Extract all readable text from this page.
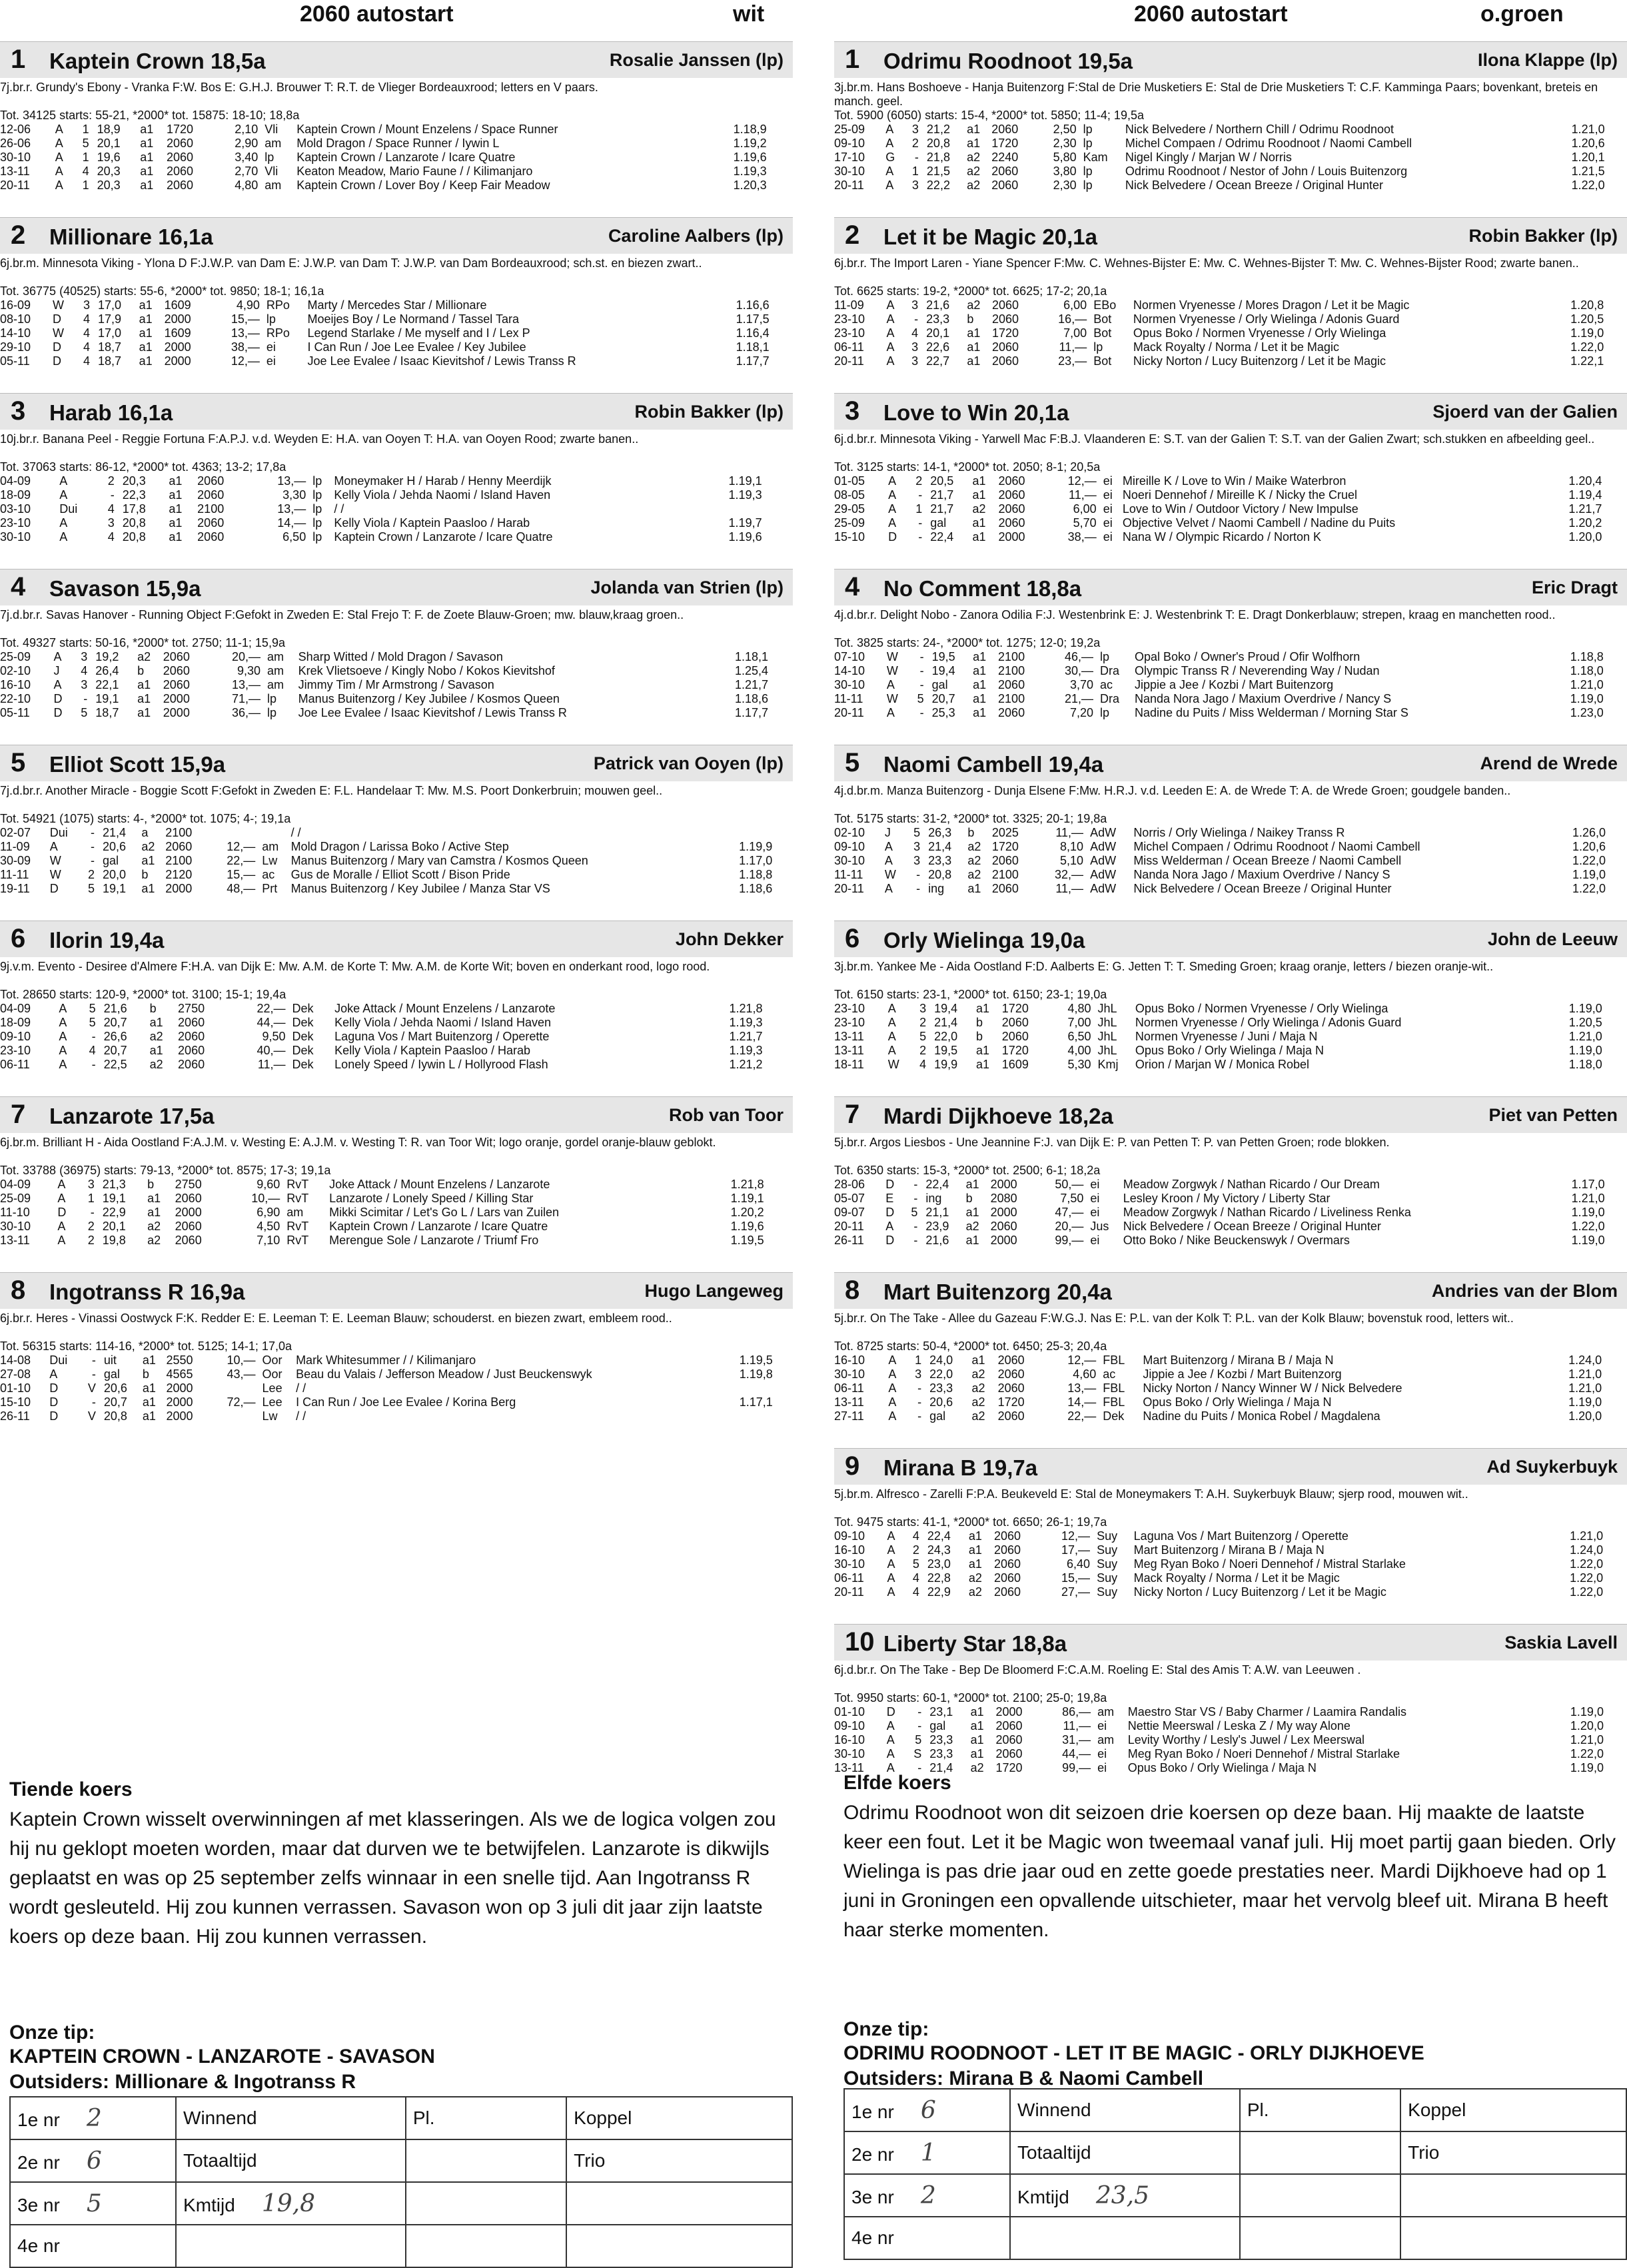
2060 autostart	wit
1 Kaptein Crown 18,5a	Rosalie Janssen (lp)
7j.br.r. Grundy's Ebony - Vranka F:W. Bos E: G.H.J. Brouwer T: R.T. de Vlieger Bordeauxrood; letters en V paars.
Tot. 34125 starts: 55-21, *2000* tot. 15875: 18-10; 18,8a
12-06	A	1	18,9	a1	1720	2,10	Vli	Kaptein Crown / Mount Enzelens / Space Runner	1.18,9
26-06	A	5	20,1	a1	2060	2,90	am	Mold Dragon / Space Runner / Iywin L	1.19,2
30-10	A	1	19,6	a1	2060	3,40	lp	Kaptein Crown / Lanzarote / Icare Quatre	1.19,6
13-11	A	4	20,3	a1	2060	2,70	Vli	Keaton Meadow, Mario Faune / / Kilimanjaro	1.19,3
20-11	A	1	20,3	a1	2060	4,80	am	Kaptein Crown / Lover Boy / Keep Fair Meadow	1.20,3
2 Millionare 16,1a	Caroline Aalbers (lp)
6j.br.m. Minnesota Viking - Ylona D F:J.W.P. van Dam E: J.W.P. van Dam T: J.W.P. van Dam Bordeauxrood; sch.st. en biezen zwart..
Tot. 36775 (40525) starts: 55-6, *2000* tot. 9850; 18-1; 16,1a
16-09	W	3	17,0	a1	1609	4,90	RPo	Marty / Mercedes Star / Millionare	1.16,6
08-10	D	4	17,9	a1	2000	15,—	lp	Moeijes Boy / Le Normand / Tassel Tara	1.17,5
14-10	W	4	17,0	a1	1609	13,—	RPo	Legend Starlake / Me myself and I / Lex P	1.16,4
29-10	D	4	18,7	a1	2000	38,—	ei	I Can Run / Joe Lee Evalee / Key Jubilee	1.18,1
05-11	D	4	18,7	a1	2000	12,—	ei	Joe Lee Evalee / Isaac Kievitshof / Lewis Transs R	1.17,7
3 Harab 16,1a	Robin Bakker (lp)
10j.br.r. Banana Peel - Reggie Fortuna F:A.P.J. v.d. Weyden E: H.A. van Ooyen T: H.A. van Ooyen Rood; zwarte banen..
Tot. 37063 starts: 86-12, *2000* tot. 4363; 13-2; 17,8a
04-09	A	2	20,3	a1	2060	13,—	lp	Moneymaker H / Harab / Henny Meerdijk	1.19,1
18-09	A	-	22,3	a1	2060	3,30	lp	Kelly Viola / Jehda Naomi / Island Haven	1.19,3
03-10	Dui	4	17,8	a1	2100	13,—	lp	/ /	
23-10	A	3	20,8	a1	2060	14,—	lp	Kelly Viola / Kaptein Paasloo / Harab	1.19,7
30-10	A	4	20,8	a1	2060	6,50	lp	Kaptein Crown / Lanzarote / Icare Quatre	1.19,6
4 Savason 15,9a	Jolanda van Strien (lp)
7j.d.br.r. Savas Hanover - Running Object F:Gefokt in Zweden E: Stal Frejo T: F. de Zoete Blauw-Groen; mw. blauw,kraag groen..
Tot. 49327 starts: 50-16, *2000* tot. 2750; 11-1; 15,9a
25-09	A	3	19,2	a2	2060	20,—	am	Sharp Witted / Mold Dragon / Savason	1.18,1
02-10	J	4	26,4	b	2060	9,30	am	Krek Vlietsoeve / Kingly Nobo / Kokos Kievitshof	1.25,4
16-10	A	3	22,1	a1	2060	13,—	am	Jimmy Tim / Mr Armstrong / Savason	1.21,7
22-10	D	-	19,1	a1	2000	71,—	lp	Manus Buitenzorg / Key Jubilee / Kosmos Queen	1.18,6
05-11	D	5	18,7	a1	2000	36,—	lp	Joe Lee Evalee / Isaac Kievitshof / Lewis Transs R	1.17,7
5 Elliot Scott 15,9a	Patrick van Ooyen (lp)
7j.d.br.r. Another Miracle - Boggie Scott F:Gefokt in Zweden E: F.L. Handelaar T: Mw. M.S. Poort Donkerbruin; mouwen geel..
Tot. 54921 (1075) starts: 4-, *2000* tot. 1075; 4-; 19,1a
02-07	Dui	-	21,4	a	2100			/ /	
11-09	A	-	20,6	a2	2060	12,—	am	Mold Dragon / Larissa Boko / Active Step	1.19,9
30-09	W	-	gal	a1	2100	22,—	Lw	Manus Buitenzorg / Mary van Camstra / Kosmos Queen	1.17,0
11-11	W	2	20,0	b	2120	15,—	ac	Gus de Moralle / Elliot Scott / Bison Pride	1.18,8
19-11	D	5	19,1	a1	2000	48,—	Prt	Manus Buitenzorg / Key Jubilee / Manza Star VS	1.18,6
6 Ilorin 19,4a	John Dekker
9j.v.m. Evento - Desiree d'Almere F:H.A. van Dijk E: Mw. A.M. de Korte T: Mw. A.M. de Korte Wit; boven en onderkant rood, logo rood.
Tot. 28650 starts: 120-9, *2000* tot. 3100; 15-1; 19,4a
04-09	A	5	21,6	b	2750	22,—	Dek	Joke Attack / Mount Enzelens / Lanzarote	1.21,8
18-09	A	5	20,7	a1	2060	44,—	Dek	Kelly Viola / Jehda Naomi / Island Haven	1.19,3
09-10	A	-	26,6	a2	2060	9,50	Dek	Laguna Vos / Mart Buitenzorg / Operette	1.21,7
23-10	A	4	20,7	a1	2060	40,—	Dek	Kelly Viola / Kaptein Paasloo / Harab	1.19,3
06-11	A	-	22,5	a2	2060	11,—	Dek	Lonely Speed / Iywin L / Hollyrood Flash	1.21,2
7 Lanzarote 17,5a	Rob van Toor
6j.br.m. Brilliant H - Aida Oostland F:A.J.M. v. Westing E: A.J.M. v. Westing T: R. van Toor Wit; logo oranje, gordel oranje-blauw geblokt.
Tot. 33788 (36975) starts: 79-13, *2000* tot. 8575; 17-3; 19,1a
04-09	A	3	21,3	b	2750	9,60	RvT	Joke Attack / Mount Enzelens / Lanzarote	1.21,8
25-09	A	1	19,1	a1	2060	10,—	RvT	Lanzarote / Lonely Speed / Killing Star	1.19,1
11-10	D	-	22,9	a1	2000	6,90	am	Mikki Scimitar / Let's Go L / Lars van Zuilen	1.20,2
30-10	A	2	20,1	a2	2060	4,50	RvT	Kaptein Crown / Lanzarote / Icare Quatre	1.19,6
13-11	A	2	19,8	a2	2060	7,10	RvT	Merengue Sole / Lanzarote / Triumf Fro	1.19,5
8 Ingotranss R 16,9a	Hugo Langeweg
6j.br.r. Heres - Vinassi Oostwyck F:K. Redder E: E. Leeman T: E. Leeman Blauw; schouderst. en biezen zwart, embleem rood..
Tot. 56315 starts: 114-16, *2000* tot. 5125; 14-1; 17,0a
14-08	Dui	-	uit	a1	2550	10,—	Oor	Mark Whitesummer / / Kilimanjaro	1.19,5
27-08	A	-	gal	b	4565	43,—	Oor	Beau du Valais / Jefferson Meadow / Just Beuckenswyk	1.19,8
01-10	D	V	20,6	a1	2000		Lee	/ /	
15-10	D	-	20,7	a1	2000	72,—	Lee	I Can Run / Joe Lee Evalee / Korina Berg	1.17,1
26-11	D	V	20,8	a1	2000		Lw	/ /	
Tiende koers
Kaptein Crown wisselt overwinningen af met klasseringen. Als we de logica volgen zou hij nu geklopt moeten worden, maar dat durven we te betwijfelen. Lanzarote is dikwijls geplaatst en was op 25 september zelfs winnaar in een snelle tijd. Aan Ingotranss R wordt gesleuteld. Hij zou kunnen verrassen. Savason won op 3 juli dit jaar zijn laatste koers op deze baan. Hij zou kunnen verrassen.
Onze tip:
KAPTEIN CROWN - LANZAROTE - SAVASON
Outsiders: Millionare & Ingotranss R
1e nr 2	Winnend	Pl.	Koppel
2e nr 6	Totaaltijd		Trio
3e nr 5	Kmtijd 19,8		
4e nr			
2060 autostart	o.groen
1 Odrimu Roodnoot 19,5a	Ilona Klappe (lp)
3j.br.m. Hans Boshoeve - Hanja Buitenzorg F:Stal de Drie Musketiers E: Stal de Drie Musketiers T: C.F. Kamminga Paars; bovenkant, breteis en manch. geel.
Tot. 5900 (6050) starts: 15-4, *2000* tot. 5850; 11-4; 19,5a
25-09	A	3	21,2	a1	2060	2,50	lp	Nick Belvedere / Northern Chill / Odrimu Roodnoot	1.21,0
09-10	A	2	20,8	a1	1720	2,30	lp	Michel Compaen / Odrimu Roodnoot / Naomi Cambell	1.20,6
17-10	G	-	21,8	a2	2240	5,80	Kam	Nigel Kingly / Marjan W / Norris	1.20,1
30-10	A	1	21,5	a2	2060	3,80	lp	Odrimu Roodnoot / Nestor of John / Louis Buitenzorg	1.21,5
20-11	A	3	22,2	a2	2060	2,30	lp	Nick Belvedere / Ocean Breeze / Original Hunter	1.22,0
2 Let it be Magic 20,1a	Robin Bakker (lp)
6j.br.r. The Import Laren - Yiane Spencer F:Mw. C. Wehnes-Bijster E: Mw. C. Wehnes-Bijster T: Mw. C. Wehnes-Bijster Rood; zwarte banen..
Tot. 6625 starts: 19-2, *2000* tot. 6625; 17-2; 20,1a
11-09	A	3	21,6	a2	2060	6,00	EBo	Normen Vryenesse / Mores Dragon / Let it be Magic	1.20,8
23-10	A	-	23,3	b	2060	16,—	Bot	Normen Vryenesse / Orly Wielinga / Adonis Guard	1.20,5
23-10	A	4	20,1	a1	1720	7,00	Bot	Opus Boko / Normen Vryenesse / Orly Wielinga	1.19,0
06-11	A	3	22,6	a1	2060	11,—	lp	Mack Royalty / Norma / Let it be Magic	1.22,0
20-11	A	3	22,7	a1	2060	23,—	Bot	Nicky Norton / Lucy Buitenzorg / Let it be Magic	1.22,1
3 Love to Win 20,1a	Sjoerd van der Galien
6j.d.br.r. Minnesota Viking - Yarwell Mac F:B.J. Vlaanderen E: S.T. van der Galien T: S.T. van der Galien Zwart; sch.stukken en afbeelding geel..
Tot. 3125 starts: 14-1, *2000* tot. 2050; 8-1; 20,5a
01-05	A	2	20,5	a1	2060	12,—	ei	Mireille K / Love to Win / Maike Waterbron	1.20,4
08-05	A	-	21,7	a1	2060	11,—	ei	Noeri Dennehof / Mireille K / Nicky the Cruel	1.19,4
29-05	A	1	21,7	a2	2060	6,00	ei	Love to Win / Outdoor Victory / New Impulse	1.21,7
25-09	A	-	gal	a1	2060	5,70	ei	Objective Velvet / Naomi Cambell / Nadine du Puits	1.20,2
15-10	D	-	22,4	a1	2000	38,—	ei	Nana W / Olympic Ricardo / Norton K	1.20,0
4 No Comment 18,8a	Eric Dragt
4j.d.br.r. Delight Nobo - Zanora Odilia F:J. Westenbrink E: J. Westenbrink T: E. Dragt Donkerblauw; strepen, kraag en manchetten rood..
Tot. 3825 starts: 24-, *2000* tot. 1275; 12-0; 19,2a
07-10	W	-	19,5	a1	2100	46,—	lp	Opal Boko / Owner's Proud / Ofir Wolfhorn	1.18,8
14-10	W	-	19,4	a1	2100	30,—	Dra	Olympic Transs R / Neverending Way / Nudan	1.18,0
30-10	A	-	gal	a1	2060	3,70	ac	Jippie a Jee / Kozbi / Mart Buitenzorg	1.21,0
11-11	W	5	20,7	a1	2100	21,—	Dra	Nanda Nora Jago / Maxium Overdrive / Nancy S	1.19,0
20-11	A	-	25,3	a1	2060	7,20	lp	Nadine du Puits / Miss Welderman / Morning Star S	1.23,0
5 Naomi Cambell 19,4a	Arend de Wrede
4j.d.br.m. Manza Buitenzorg - Dunja Elsene F:Mw. H.R.J. v.d. Leeden E: A. de Wrede T: A. de Wrede Groen; goudgele banden..
Tot. 5175 starts: 31-2, *2000* tot. 3325; 20-1; 19,8a
02-10	J	5	26,3	b	2025	11,—	AdW	Norris / Orly Wielinga / Naikey Transs R	1.26,0
09-10	A	3	21,4	a2	1720	8,10	AdW	Michel Compaen / Odrimu Roodnoot / Naomi Cambell	1.20,6
30-10	A	3	23,3	a2	2060	5,10	AdW	Miss Welderman / Ocean Breeze / Naomi Cambell	1.22,0
11-11	W	-	20,8	a2	2100	32,—	AdW	Nanda Nora Jago / Maxium Overdrive / Nancy S	1.19,0
20-11	A	-	ing	a1	2060	11,—	AdW	Nick Belvedere / Ocean Breeze / Original Hunter	1.22,0
6 Orly Wielinga 19,0a	John de Leeuw
3j.br.m. Yankee Me - Aida Oostland F:D. Aalberts E: G. Jetten T: T. Smeding Groen; kraag oranje, letters / biezen oranje-wit..
Tot. 6150 starts: 23-1, *2000* tot. 6150; 23-1; 19,0a
23-10	A	3	19,4	a1	1720	4,80	JhL	Opus Boko / Normen Vryenesse / Orly Wielinga	1.19,0
23-10	A	2	21,4	b	2060	7,00	JhL	Normen Vryenesse / Orly Wielinga / Adonis Guard	1.20,5
13-11	A	5	22,0	b	2060	6,50	JhL	Normen Vryenesse / Juni / Maja N	1.21,0
13-11	A	2	19,5	a1	1720	4,00	JhL	Opus Boko / Orly Wielinga / Maja N	1.19,0
18-11	W	4	19,9	a1	1609	5,30	Kmj	Orion / Marjan W / Monica Robel	1.18,0
7 Mardi Dijkhoeve 18,2a	Piet van Petten
5j.br.r. Argos Liesbos - Une Jeannine F:J. van Dijk E: P. van Petten T: P. van Petten Groen; rode blokken.
Tot. 6350 starts: 15-3, *2000* tot. 2500; 6-1; 18,2a
28-06	D	-	22,4	a1	2000	50,—	ei	Meadow Zorgwyk / Nathan Ricardo / Our Dream	1.17,0
05-07	E	-	ing	b	2080	7,50	ei	Lesley Kroon / My Victory / Liberty Star	1.21,0
09-07	D	5	21,1	a1	2000	47,—	ei	Meadow Zorgwyk / Nathan Ricardo / Liveliness Renka	1.19,0
20-11	A	-	23,9	a2	2060	20,—	Jus	Nick Belvedere / Ocean Breeze / Original Hunter	1.22,0
26-11	D	-	21,6	a1	2000	99,—	ei	Otto Boko / Nike Beuckenswyk / Overmars	1.19,0
8 Mart Buitenzorg 20,4a	Andries van der Blom
5j.br.r. On The Take - Allee du Gazeau F:W.G.J. Nas E: P.L. van der Kolk T: P.L. van der Kolk Blauw; bovenstuk rood, letters wit..
Tot. 8725 starts: 50-4, *2000* tot. 6450; 25-3; 20,4a
16-10	A	1	24,0	a1	2060	12,—	FBL	Mart Buitenzorg / Mirana B / Maja N	1.24,0
30-10	A	3	22,0	a2	2060	4,60	ac	Jippie a Jee / Kozbi / Mart Buitenzorg	1.21,0
06-11	A	-	23,3	a2	2060	13,—	FBL	Nicky Norton / Nancy Winner W / Nick Belvedere	1.21,0
13-11	A	-	20,6	a2	1720	14,—	FBL	Opus Boko / Orly Wielinga / Maja N	1.19,0
27-11	A	-	gal	a2	2060	22,—	Dek	Nadine du Puits / Monica Robel / Magdalena	1.20,0
9 Mirana B 19,7a	Ad Suykerbuyk
5j.br.m. Alfresco - Zarelli F:P.A. Beukeveld E: Stal de Moneymakers T: A.H. Suykerbuyk Blauw; sjerp rood, mouwen wit..
Tot. 9475 starts: 41-1, *2000* tot. 6650; 26-1; 19,7a
09-10	A	4	22,4	a1	2060	12,—	Suy	Laguna Vos / Mart Buitenzorg / Operette	1.21,0
16-10	A	2	24,3	a1	2060	17,—	Suy	Mart Buitenzorg / Mirana B / Maja N	1.24,0
30-10	A	5	23,0	a1	2060	6,40	Suy	Meg Ryan Boko / Noeri Dennehof / Mistral Starlake	1.22,0
06-11	A	4	22,8	a2	2060	15,—	Suy	Mack Royalty / Norma / Let it be Magic	1.22,0
20-11	A	4	22,9	a2	2060	27,—	Suy	Nicky Norton / Lucy Buitenzorg / Let it be Magic	1.22,0
10 Liberty Star 18,8a	Saskia Lavell
6j.d.br.r. On The Take - Bep De Bloomerd F:C.A.M. Roeling E: Stal des Amis T: A.W. van Leeuwen .
Tot. 9950 starts: 60-1, *2000* tot. 2100; 25-0; 19,8a
01-10	D	-	23,1	a1	2000	86,—	am	Maestro Star VS / Baby Charmer / Laamira Randalis	1.19,0
09-10	A	-	gal	a1	2060	11,—	ei	Nettie Meerswal / Leska Z / My way Alone	1.20,0
16-10	A	5	23,3	a1	2060	31,—	am	Levity Worthy / Lesly's Juwel / Lex Meerswal	1.21,0
30-10	A	S	23,3	a1	2060	44,—	ei	Meg Ryan Boko / Noeri Dennehof / Mistral Starlake	1.22,0
13-11	A	-	21,4	a2	1720	99,—	ei	Opus Boko / Orly Wielinga / Maja N	1.19,0
Elfde koers
Odrimu Roodnoot won dit seizoen drie koersen op deze baan. Hij maakte de laatste keer een fout. Let it be Magic won tweemaal vanaf juli. Hij moet partij gaan bieden. Orly Wielinga is pas drie jaar oud en zette goede prestaties neer. Mardi Dijkhoeve had op 1 juni in Groningen een opvallende uitschieter, maar het vervolg bleef uit. Mirana B heeft haar sterke momenten.
Onze tip:
ODRIMU ROODNOOT - LET IT BE MAGIC - ORLY DIJKHOEVE
Outsiders: Mirana B & Naomi Cambell
1e nr 6	Winnend	Pl.	Koppel
2e nr 1	Totaaltijd		Trio
3e nr 2	Kmtijd 23,5		
4e nr			
